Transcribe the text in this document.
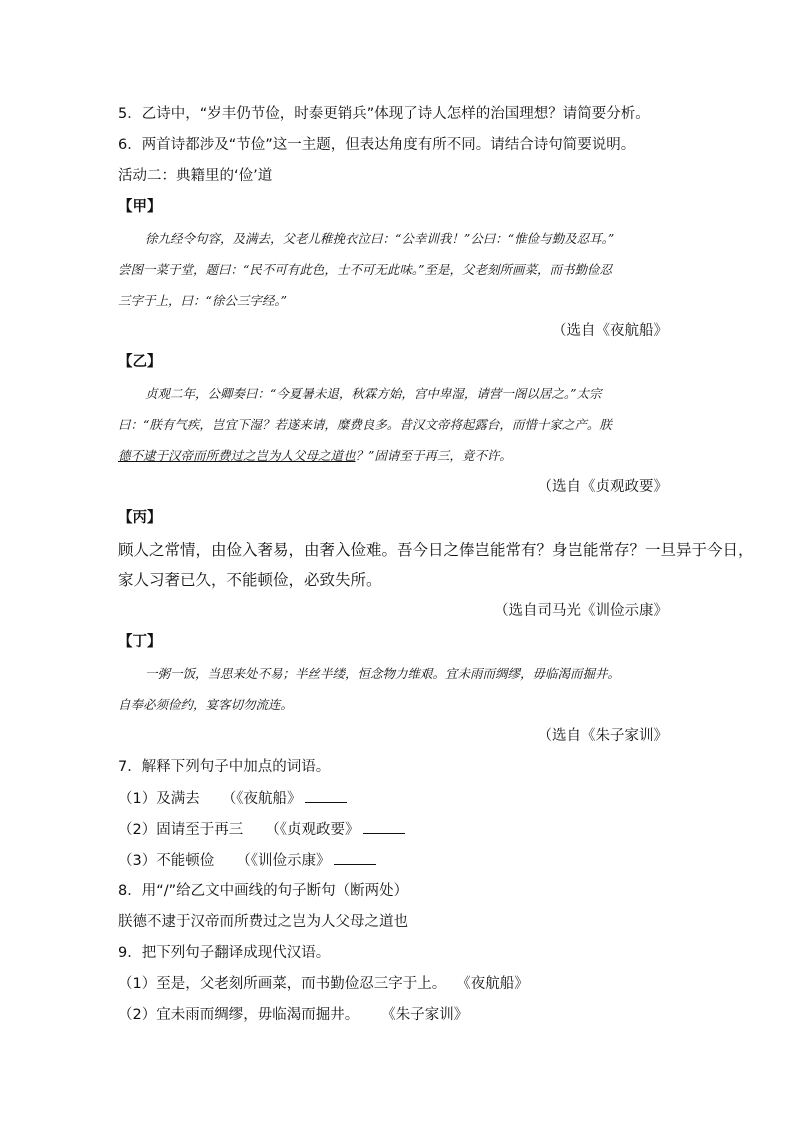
5．乙诗中，“岁丰仍节俭，时泰更销兵”体现了诗人怎样的治国理想？请简要分析。
6．两首诗都涉及“节俭”这一主题，但表达角度有所不同。请结合诗句简要说明。
活动二：典籍里的‘俭’道
【甲】
徐九经令句容，及满去，父老儿稚挽衣泣曰：“公幸训我！”公曰：“惟俭与勤及忍耳。”
尝图一菜于堂，题曰：“民不可有此色，士不可无此味。”至是，父老刻所画菜，而书勤俭忍
三字于上，曰：“徐公三字经。”
（选自《夜航船》
【乙】
贞观二年，公卿奏曰：“今夏暑未退，秋霖方始，宫中卑湿，请营一阁以居之。”太宗
曰：“朕有气疾，岂宜下湿？若遂来请，糜费良多。昔汉文帝将起露台，而惜十家之产。朕
德不逮于汉帝而所费过之岂为人父母之道也？”固请至于再三，竟不许。
（选自《贞观政要》
【丙】
顾人之常情，由俭入奢易，由奢入俭难。吾今日之俸岂能常有？身岂能常存？一旦异于今日，
家人习奢已久，不能顿俭，必致失所。
（选自司马光《训俭示康》
【丁】
一粥一饭，当思来处不易；半丝半缕，恒念物力维艰。宜未雨而绸缪，毋临渴而掘井。
自奉必须俭约，宴客切勿流连。
（选自《朱子家训》
7．解释下列句子中加点的词语。
（1）及满去 （《夜航船》
（2）固请至于再三 （《贞观政要》
（3）不能顿俭 （《训俭示康》
8．用“/”给乙文中画线的句子断句（断两处）
朕德不逮于汉帝而所费过之岂为人父母之道也
9．把下列句子翻译成现代汉语。
（1）至是，父老刻所画菜，而书勤俭忍三字于上。 《夜航船》
（2）宜未雨而绸缪，毋临渴而掘井。 《朱子家训》
